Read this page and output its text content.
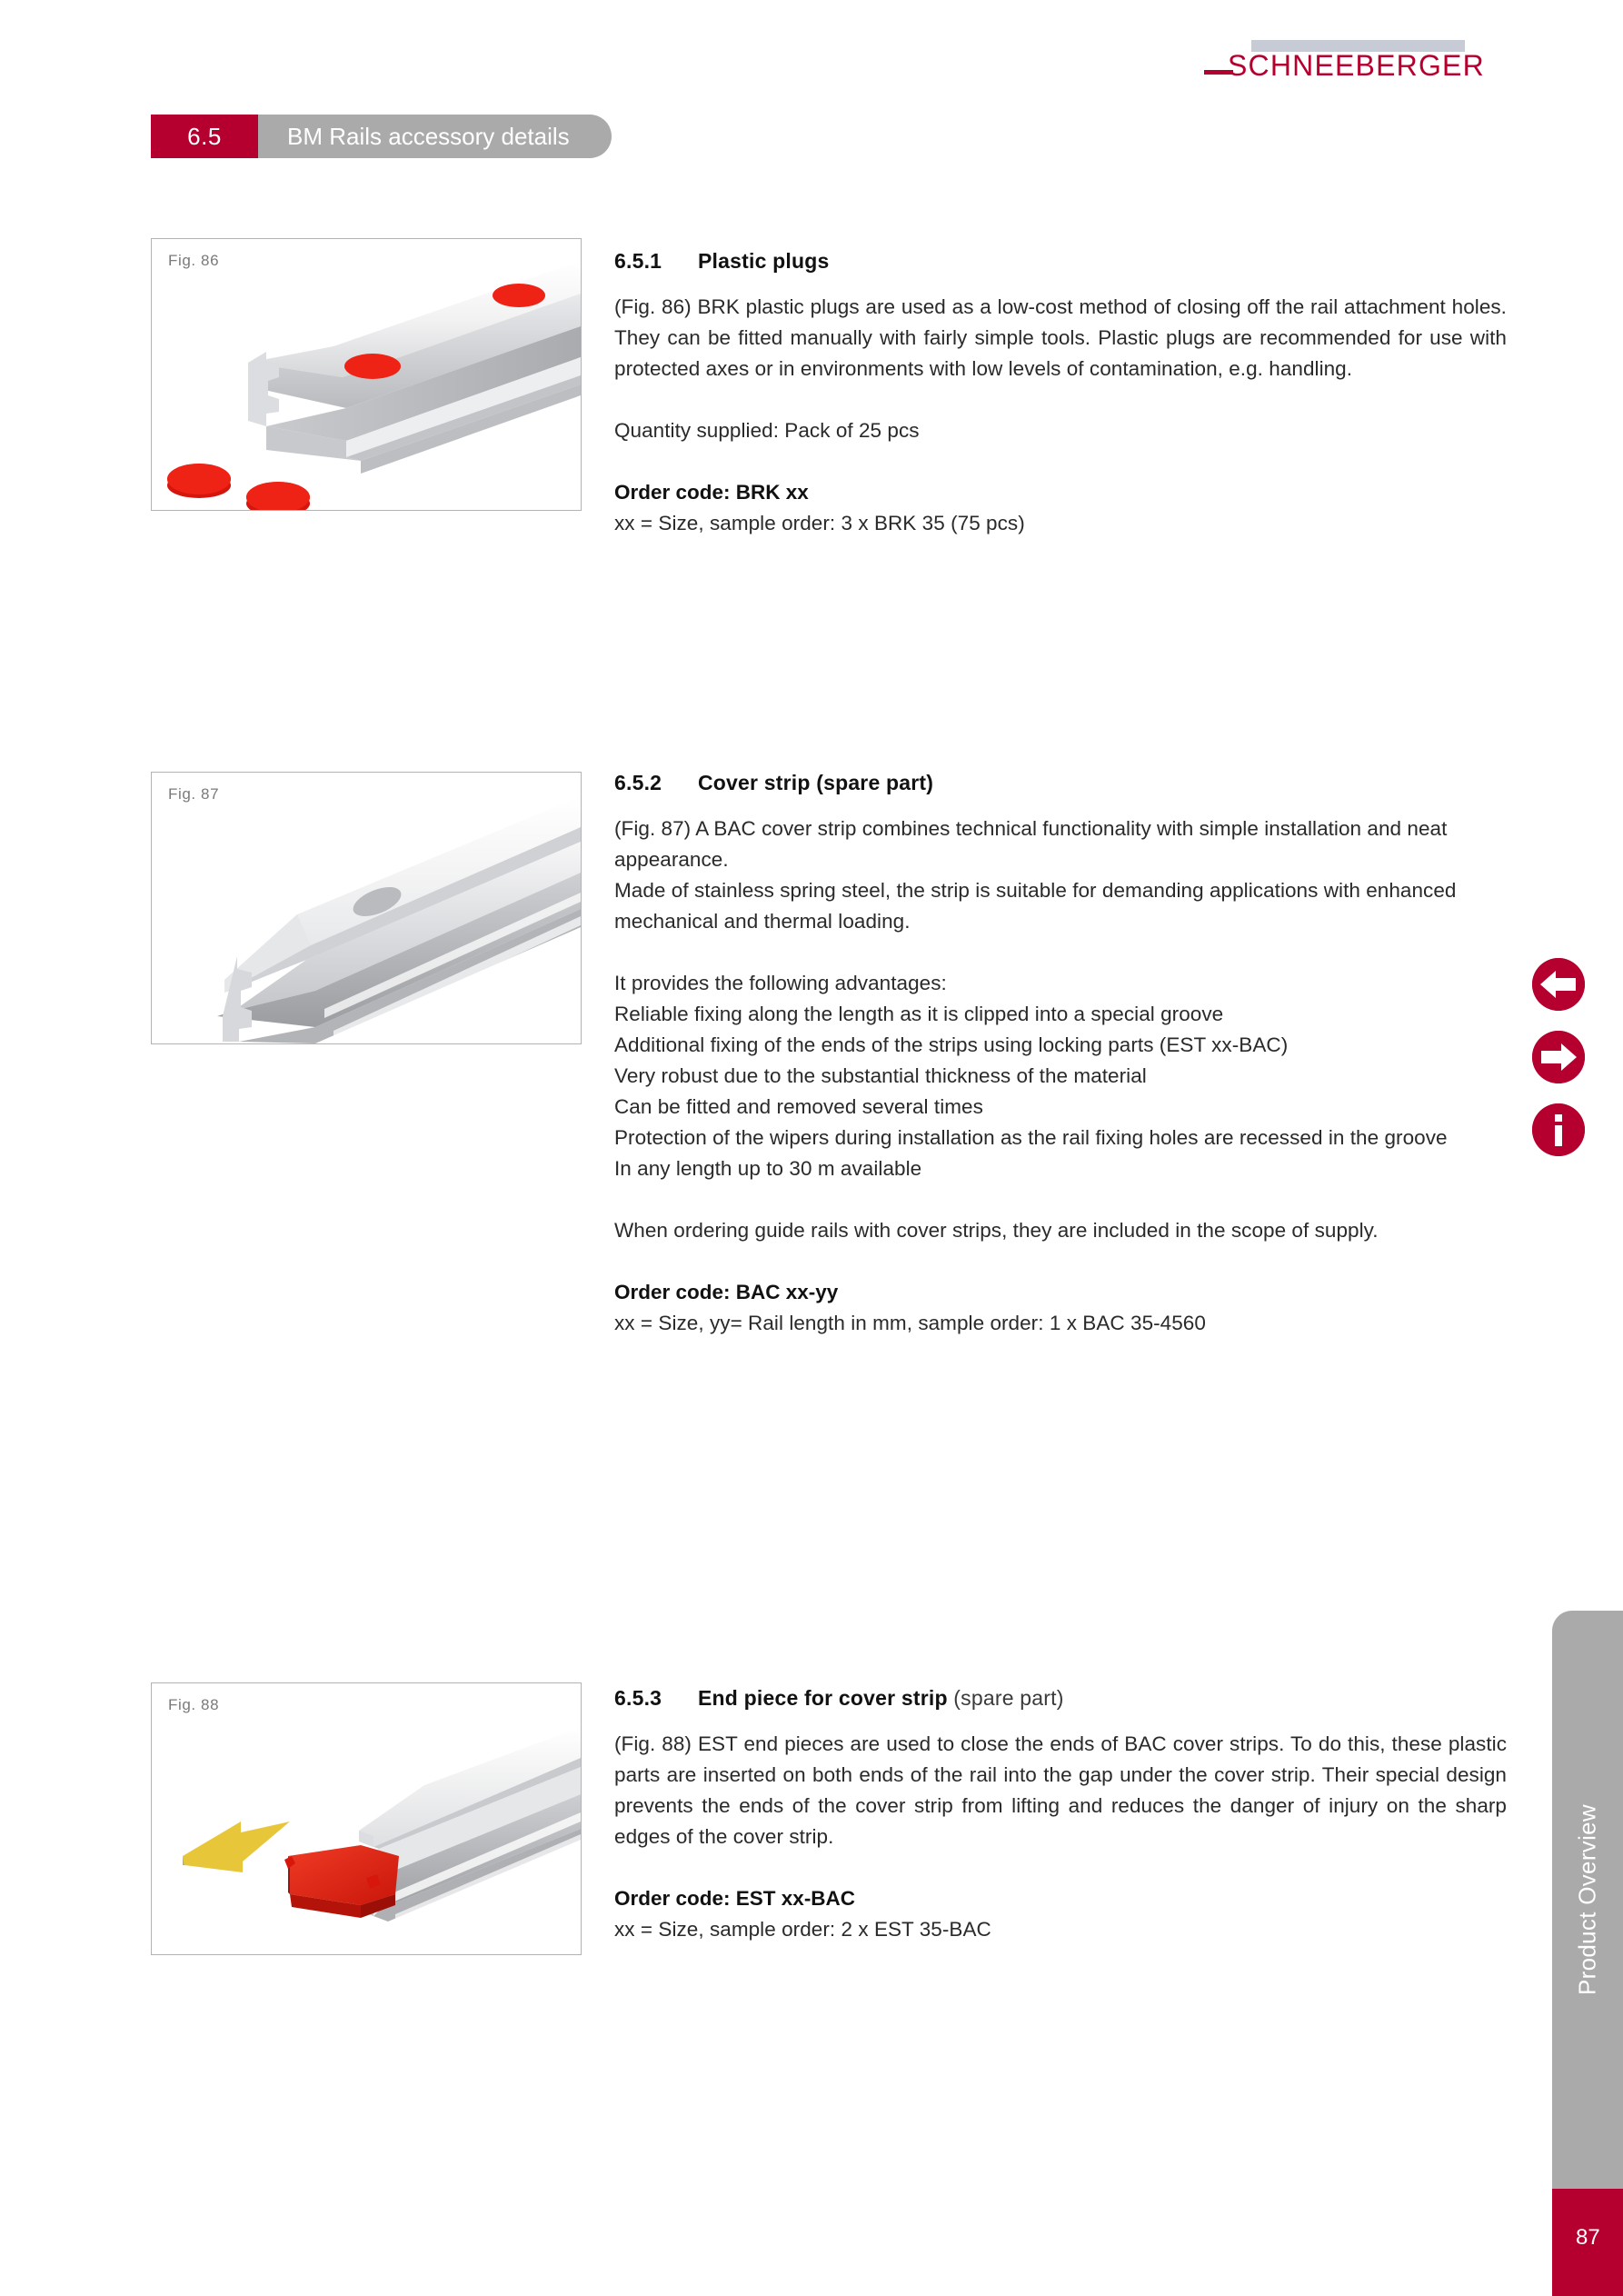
SCHNEEBERGER
6.5	BM Rails accessory details
Fig. 86
Fig. 87
Fig. 88
6.5.1 Plastic plugs

(Fig. 86) BRK plastic plugs are used as a low-cost method of closing off the rail attachment holes. They can be fitted manually with fairly simple tools. Plastic plugs are recommended for use with protected axes or in environments with low levels of contamination, e.g. handling.

Quantity supplied: Pack of 25 pcs

Order code: BRK xx

xx = Size, sample order: 3 x BRK 35 (75 pcs)

6.5.2 Cover strip (spare part)

(Fig. 87) A BAC cover strip combines technical functionality with simple installation and neat appearance.

Made of stainless spring steel, the strip is suitable for demanding applications with enhanced mechanical and thermal loading.

It provides the following advantages:

Reliable fixing along the length as it is clipped into a special groove

Additional fixing of the ends of the strips using locking parts (EST xx-BAC)

Very robust due to the substantial thickness of the material

Can be fitted and removed several times

Protection of the wipers during installation as the rail fixing holes are recessed in the groove

In any length up to 30 m available

When ordering guide rails with cover strips, they are included in the scope of supply.

Order code: BAC xx-yy

xx = Size, yy= Rail length in mm, sample order: 1 x BAC 35-4560

6.5.3 End piece for cover strip (spare part)

(Fig. 88) EST end pieces are used to close the ends of BAC cover strips. To do this, these plastic parts are inserted on both ends of the rail into the gap under the cover strip. Their special design prevents the ends of the cover strip from lifting and reduces the danger of injury on the sharp edges of the cover strip.

Order code: EST xx-BAC

xx = Size, sample order: 2 x EST 35-BAC	Product Overview
87
